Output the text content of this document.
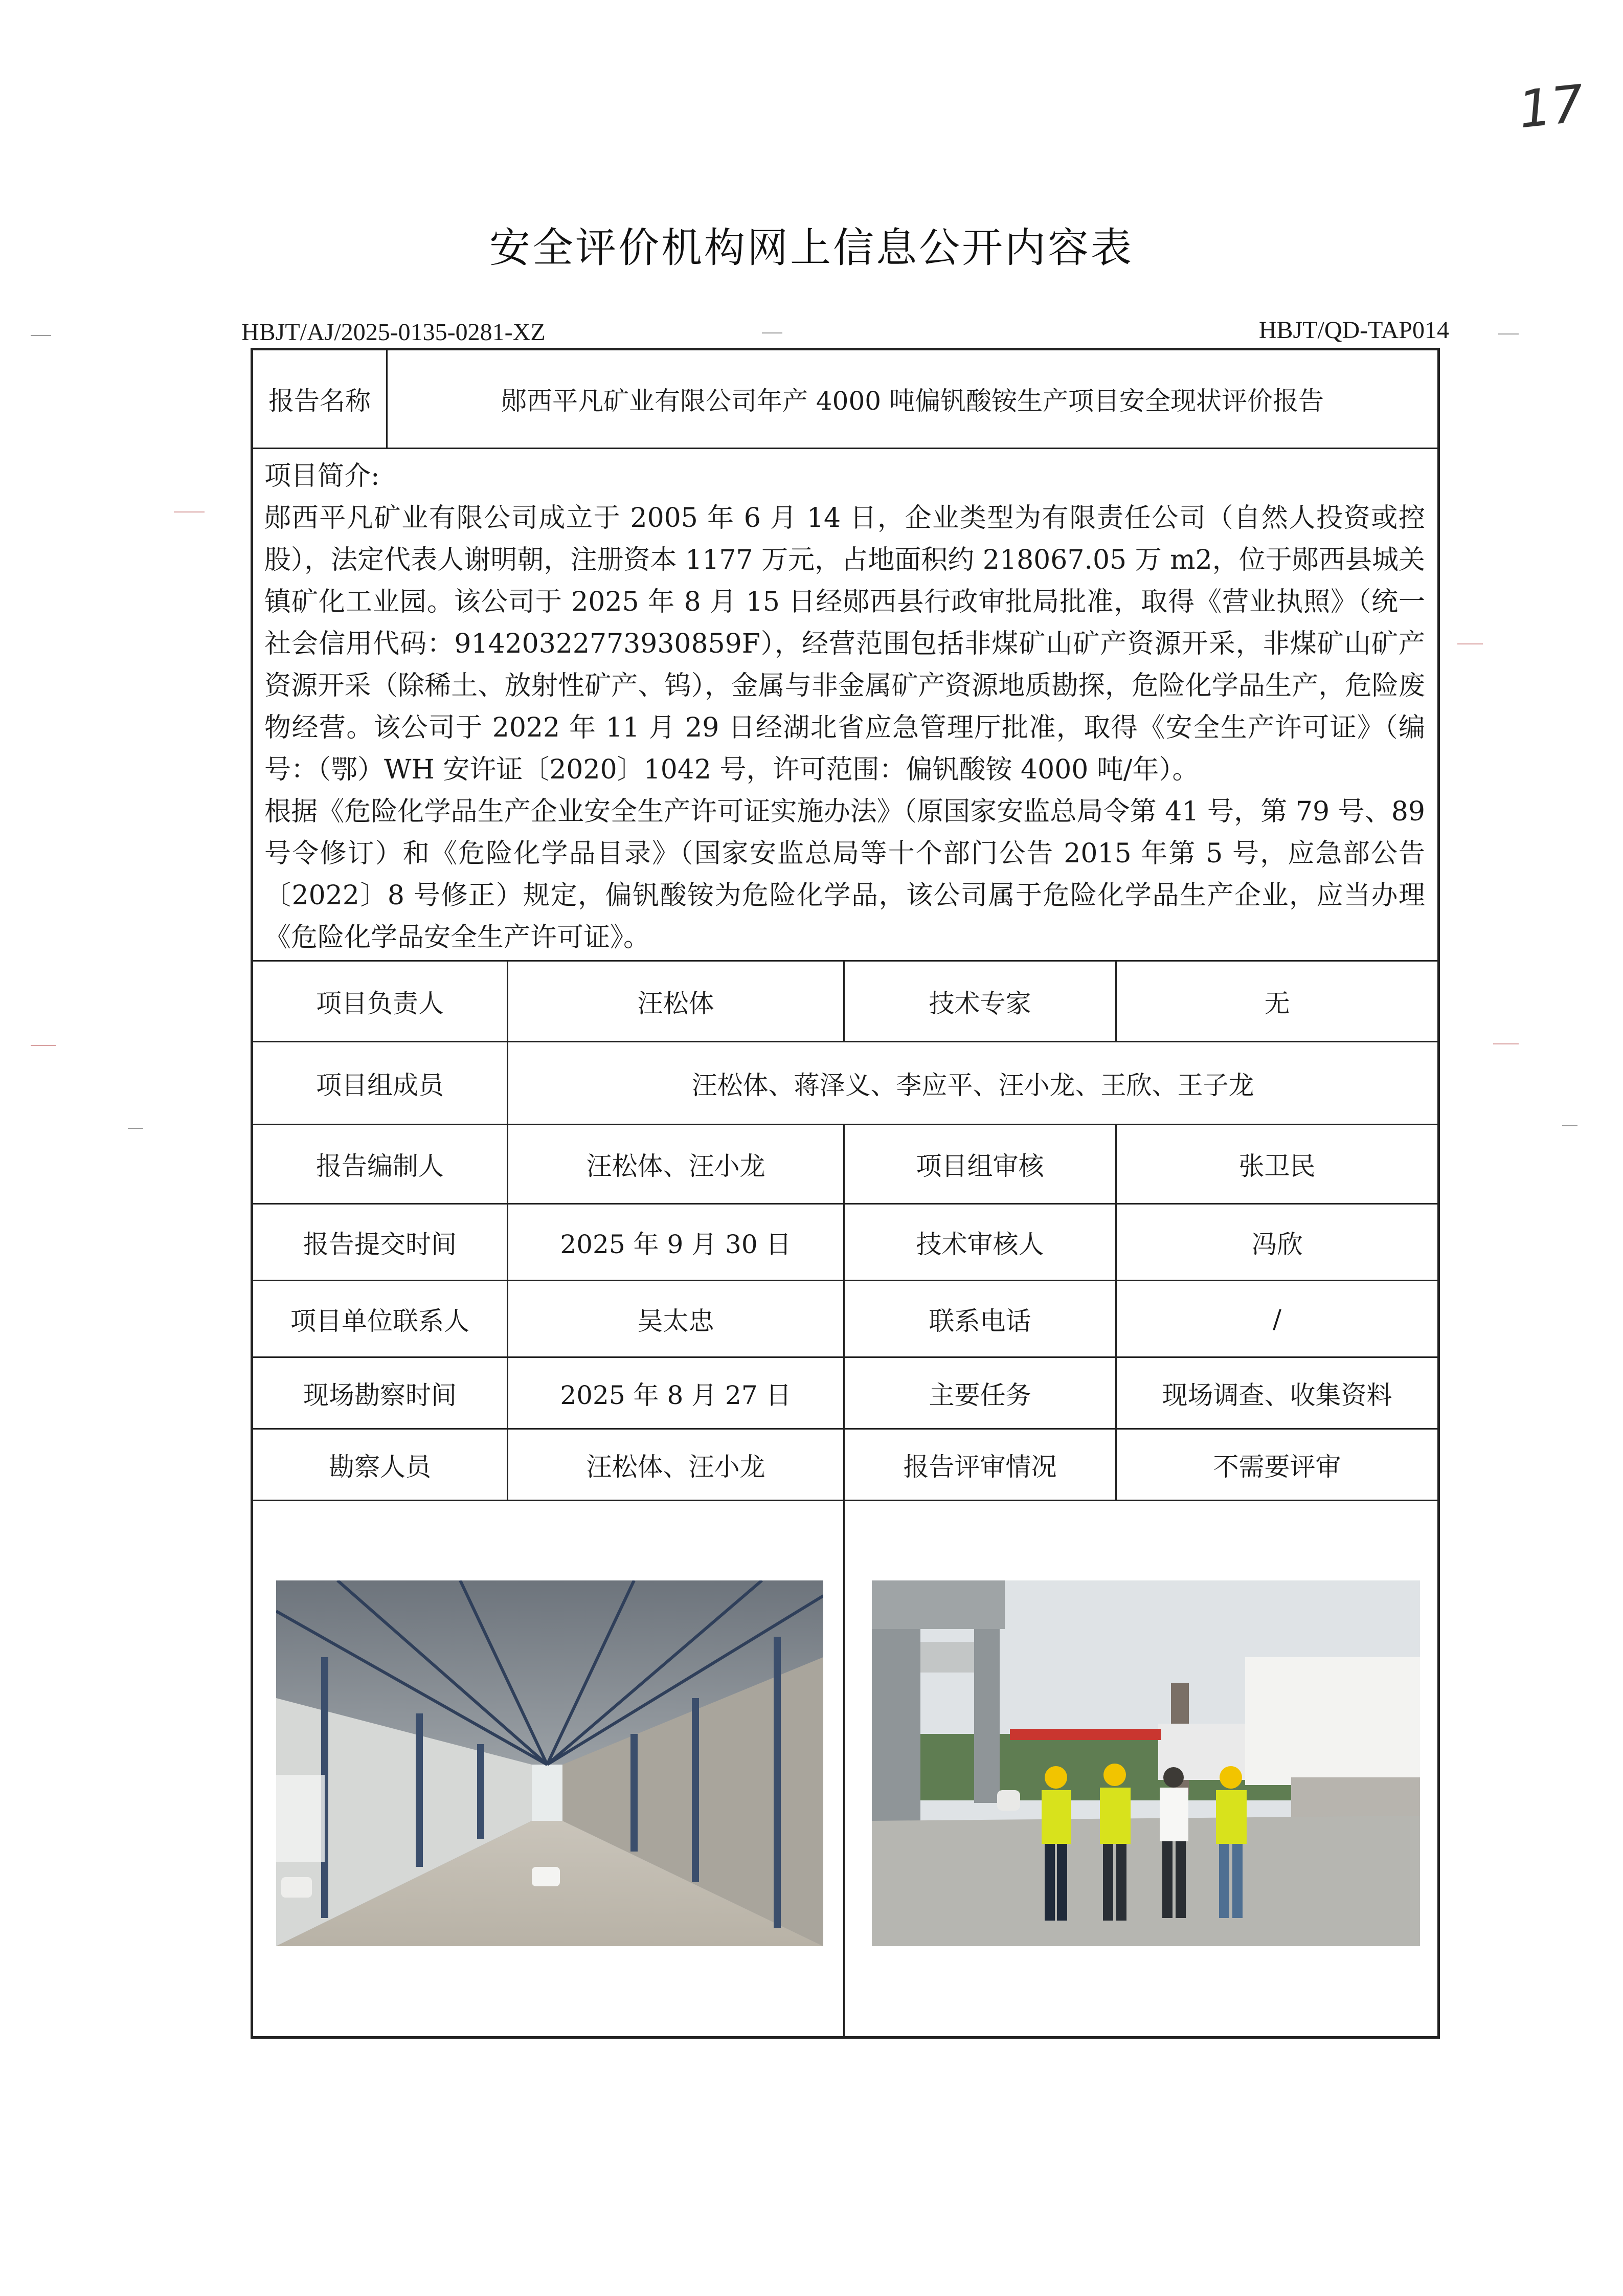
17
安全评价机构网上信息公开内容表
HBJT/AJ/2025-0135-0281-XZ	HBJT/QD-TAP014
报告名称	郧西平凡矿业有限公司年产 4000 吨偏钒酸铵生产项目安全现状评价报告
项目简介:

郧西平凡矿业有限公司成立于 2005 年 6 月 14 日，企业类型为有限责任公司（自然人投资或控股），法定代表人谢明朝，注册资本 1177 万元，占地面积约 218067.05 万 m2，位于郧西县城关镇矿化工业园。该公司于 2025 年 8 月 15 日经郧西县行政审批局批准，取得《营业执照》（统一社会信用代码：91420322773930859F），经营范围包括非煤矿山矿产资源开采，非煤矿山矿产资源开采（除稀土、放射性矿产、钨），金属与非金属矿产资源地质勘探，危险化学品生产，危险废物经营。该公司于 2022 年 11 月 29 日经湖北省应急管理厅批准，取得《安全生产许可证》（编号：（鄂）WH 安许证〔2020〕1042 号，许可范围：偏钒酸铵 4000 吨/年）。

根据《危险化学品生产企业安全生产许可证实施办法》（原国家安监总局令第 41 号，第 79 号、89 号令修订）和《危险化学品目录》（国家安监总局等十个部门公告 2015 年第 5 号，应急部公告〔2022〕8 号修正）规定，偏钒酸铵为危险化学品，该公司属于危险化学品生产企业，应当办理《危险化学品安全生产许可证》。

项目负责人	汪松体	技术专家	无
项目组成员	汪松体、蒋泽义、李应平、汪小龙、王欣、王子龙
报告编制人	汪松体、汪小龙	项目组审核	张卫民
报告提交时间	2025 年 9 月 30 日	技术审核人	冯欣
项目单位联系人	吴太忠	联系电话	/
现场勘察时间	2025 年 8 月 27 日	主要任务	现场调查、收集资料
勘察人员	汪松体、汪小龙	报告评审情况	不需要评审
